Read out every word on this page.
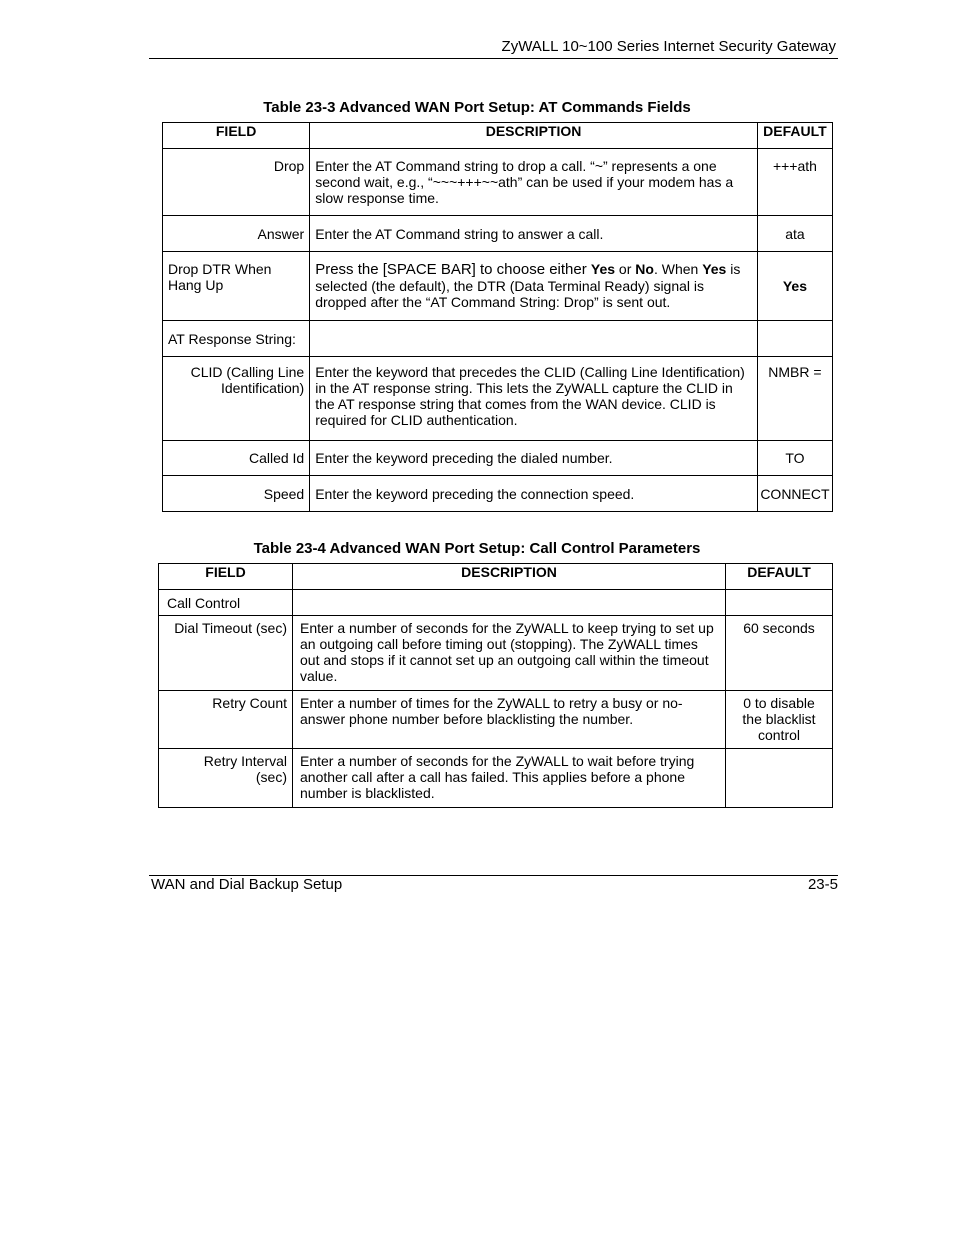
ZyWALL 10~100 Series Internet Security Gateway
Table 23-3 Advanced WAN Port Setup: AT Commands Fields
FIELD	DESCRIPTION	DEFAULT
Drop	Enter the AT Command string to drop a call. “~” represents a one second wait, e.g., “~~~+++~~ath” can be used if your modem has a slow response time.	+++ath
Answer	Enter the AT Command string to answer a call.	ata
Drop DTR When Hang Up	Press the [SPACE BAR] to choose either Yes or No. When Yes is selected (the default), the DTR (Data Terminal Ready) signal is dropped after the “AT Command String: Drop” is sent out.	Yes
AT Response String:		
CLID (Calling Line Identification)	Enter the keyword that precedes the CLID (Calling Line Identification) in the AT response string. This lets the ZyWALL capture the CLID in the AT response string that comes from the WAN device. CLID is required for CLID authentication.	NMBR =
Called Id	Enter the keyword preceding the dialed number.	TO
Speed	Enter the keyword preceding the connection speed.	CONNECT
Table 23-4 Advanced WAN Port Setup: Call Control Parameters
FIELD	DESCRIPTION	DEFAULT
Call Control		
Dial Timeout (sec)	Enter a number of seconds for the ZyWALL to keep trying to set up an outgoing call before timing out (stopping). The ZyWALL times out and stops if it cannot set up an outgoing call within the timeout value.	60 seconds
Retry Count	Enter a number of times for the ZyWALL to retry a busy or no-answer phone number before blacklisting the number.	0 to disable the blacklist control
Retry Interval (sec)	Enter a number of seconds for the ZyWALL to wait before trying another call after a call has failed. This applies before a phone number is blacklisted.	
WAN and Dial Backup Setup	23-5
